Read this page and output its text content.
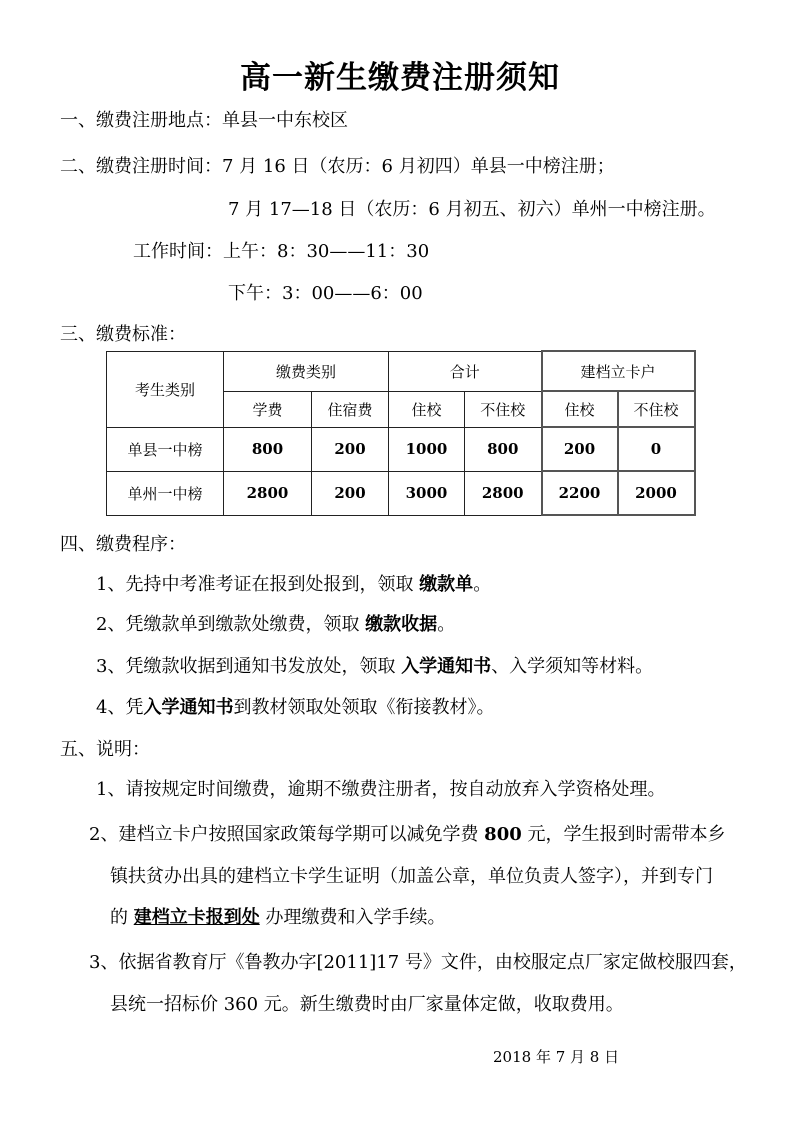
高一新生缴费注册须知
一、缴费注册地点：单县一中东校区
二、缴费注册时间：7 月 16 日（农历：6 月初四）单县一中榜注册；
7 月 17—18 日（农历：6 月初五、初六）单州一中榜注册。
工作时间：上午：8：30——11：30
下午：3：00——6：00
三、缴费标准：
考生类别	缴费类别		合计		建档立卡户	
	学费	住宿费	住校	不住校	住校	不住校
单县一中榜	800	200	1000	800	200	0
单州一中榜	2800	200	3000	2800	2200	2000
四、缴费程序：
1、先持中考准考证在报到处报到，领取 缴款单。
2、凭缴款单到缴款处缴费，领取 缴款收据。
3、凭缴款收据到通知书发放处，领取 入学通知书、入学须知等材料。
4、凭入学通知书到教材领取处领取《衔接教材》。
五、说明：
1、请按规定时间缴费，逾期不缴费注册者，按自动放弃入学资格处理。
2、建档立卡户按照国家政策每学期可以减免学费 800 元，学生报到时需带本乡
镇扶贫办出具的建档立卡学生证明（加盖公章，单位负责人签字），并到专门
的 建档立卡报到处 办理缴费和入学手续。
3、依据省教育厅《鲁教办字[2011]17 号》文件，由校服定点厂家定做校服四套，
县统一招标价 360 元。新生缴费时由厂家量体定做，收取费用。
2018 年 7 月 8 日
